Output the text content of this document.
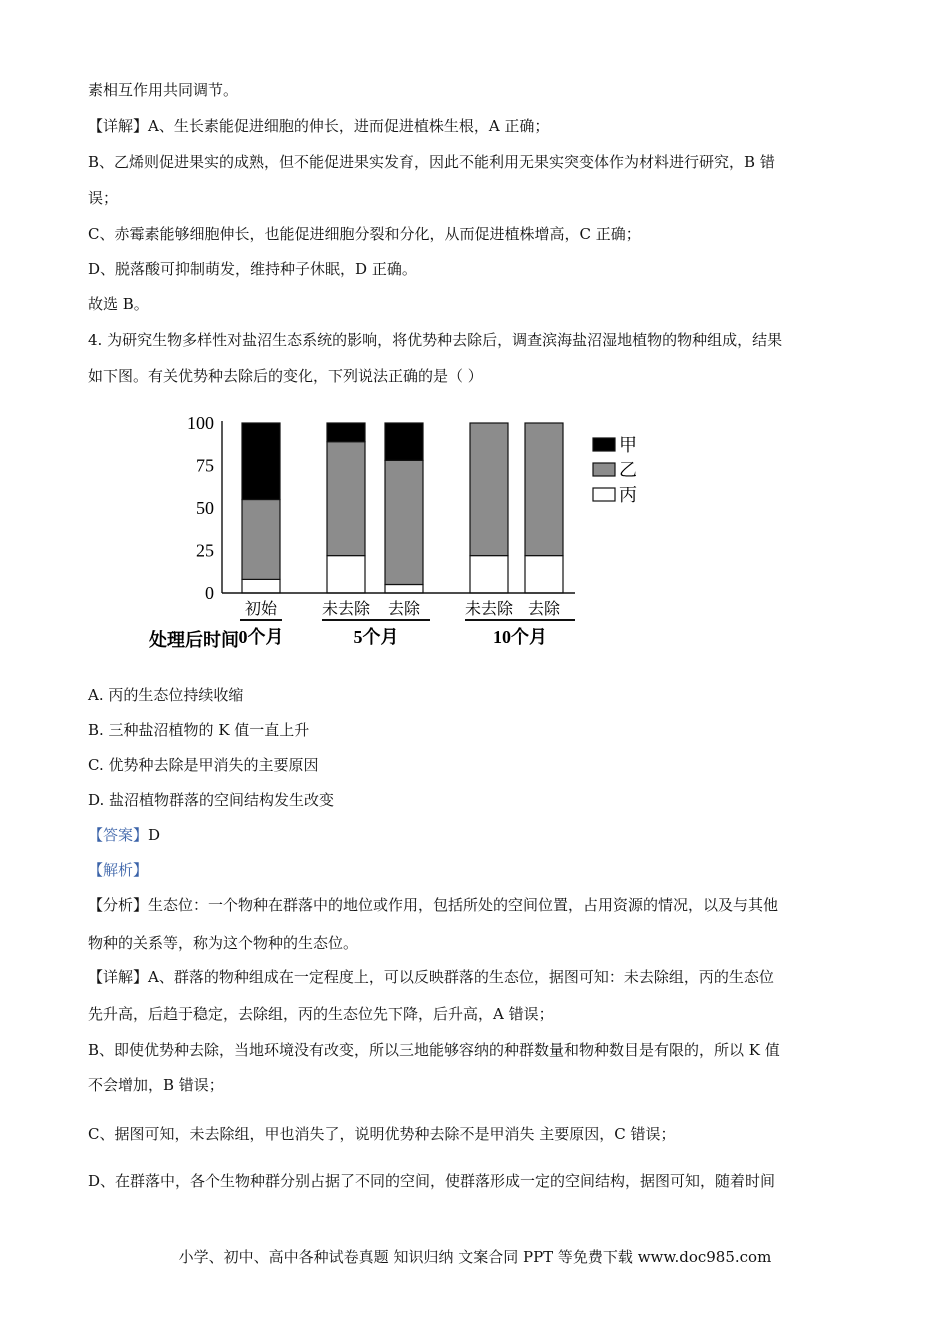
素相互作用共同调节。
【详解】A、生长素能促进细胞的伸长，进而促进植株生根，A 正确；
B、乙烯则促进果实的成熟，但不能促进果实发育，因此不能利用无果实突变体作为材料进行研究，B 错
误；
C、赤霉素能够细胞伸长，也能促进细胞分裂和分化，从而促进植株增高，C 正确；
D、脱落酸可抑制萌发，维持种子休眠，D 正确。
故选 B。
4. 为研究生物多样性对盐沼生态系统的影响，将优势种去除后，调查滨海盐沼湿地植物的物种组成，结果
如下图。有关优势种去除后的变化，下列说法正确的是（ ）
0
25
50
75
100
初始	未去除 去除	未去除 去除
0个月	5个月	10个月
处理后时间
甲
乙
丙
A. 丙的生态位持续收缩
B. 三种盐沼植物的 K 值一直上升
C. 优势种去除是甲消失的主要原因
D. 盐沼植物群落的空间结构发生改变
【答案】D
【解析】
【分析】生态位：一个物种在群落中的地位或作用，包括所处的空间位置，占用资源的情况，以及与其他
物种的关系等，称为这个物种的生态位。
【详解】A、群落的物种组成在一定程度上，可以反映群落的生态位，据图可知：未去除组，丙的生态位
先升高，后趋于稳定，去除组，丙的生态位先下降，后升高，A 错误；
B、即使优势种去除，当地环境没有改变，所以三地能够容纳的种群数量和物种数目是有限的，所以 K 值
不会增加，B 错误；
C、据图可知，未去除组，甲也消失了，说明优势种去除不是甲消失 主要原因，C 错误；
D、在群落中，各个生物种群分别占据了不同的空间，使群落形成一定的空间结构，据图可知，随着时间
小学、初中、高中各种试卷真题 知识归纳 文案合同 PPT 等免费下载 www.doc985.com
